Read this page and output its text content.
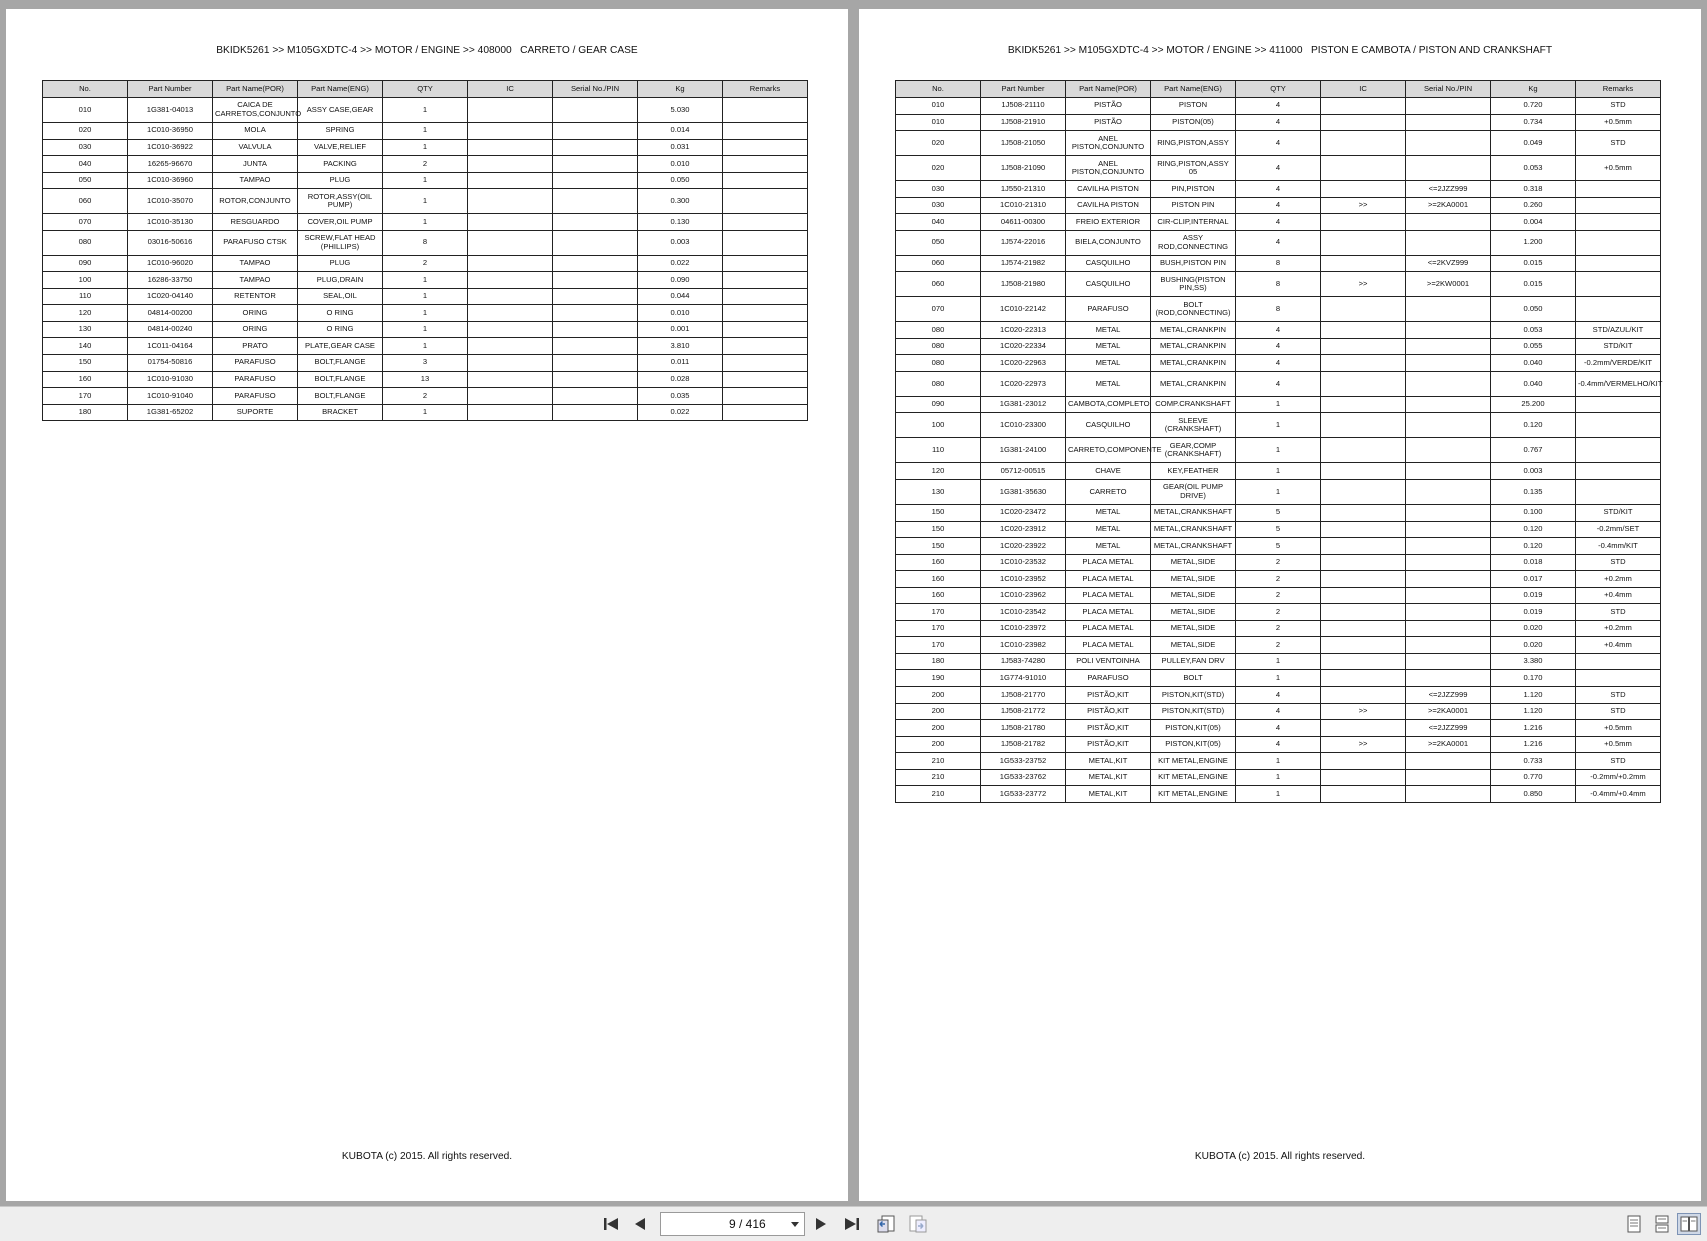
BKIDK5261 >> M105GXDTC-4 >> MOTOR / ENGINE >> 408000   CARRETO / GEAR CASE
No.	Part Number	Part Name(POR)	Part Name(ENG)	QTY	IC	Serial No./PIN	Kg	Remarks
010	1G381-04013	CAICA DE CARRETOS,CONJUNTO	ASSY CASE,GEAR	1			5.030	
020	1C010-36950	MOLA	SPRING	1			0.014	
030	1C010-36922	VALVULA	VALVE,RELIEF	1			0.031	
040	16265-96670	JUNTA	PACKING	2			0.010	
050	1C010-36960	TAMPAO	PLUG	1			0.050	
060	1C010-35070	ROTOR,CONJUNTO	ROTOR,ASSY(OIL PUMP)	1			0.300	
070	1C010-35130	RESGUARDO	COVER,OIL PUMP	1			0.130	
080	03016-50616	PARAFUSO CTSK	SCREW,FLAT HEAD (PHILLIPS)	8			0.003	
090	1C010-96020	TAMPAO	PLUG	2			0.022	
100	16286-33750	TAMPAO	PLUG,DRAIN	1			0.090	
110	1C020-04140	RETENTOR	SEAL,OIL	1			0.044	
120	04814-00200	ORING	O RING	1			0.010	
130	04814-00240	ORING	O RING	1			0.001	
140	1C011-04164	PRATO	PLATE,GEAR CASE	1			3.810	
150	01754-50816	PARAFUSO	BOLT,FLANGE	3			0.011	
160	1C010-91030	PARAFUSO	BOLT,FLANGE	13			0.028	
170	1C010-91040	PARAFUSO	BOLT,FLANGE	2			0.035	
180	1G381-65202	SUPORTE	BRACKET	1			0.022	
KUBOTA (c) 2015. All rights reserved.
BKIDK5261 >> M105GXDTC-4 >> MOTOR / ENGINE >> 411000   PISTON E CAMBOTA / PISTON AND CRANKSHAFT
No.	Part Number	Part Name(POR)	Part Name(ENG)	QTY	IC	Serial No./PIN	Kg	Remarks
010	1J508-21110	PISTÃO	PISTON	4			0.720	STD
010	1J508-21910	PISTÃO	PISTON(05)	4			0.734	+0.5mm
020	1J508-21050	ANEL PISTON,CONJUNTO	RING,PISTON,ASSY	4			0.049	STD
020	1J508-21090	ANEL PISTON,CONJUNTO	RING,PISTON,ASSY 05	4			0.053	+0.5mm
030	1J550-21310	CAVILHA PISTON	PIN,PISTON	4		<=2JZZ999	0.318	
030	1C010-21310	CAVILHA PISTON	PISTON PIN	4	>>	>=2KA0001	0.260	
040	04611-00300	FREIO EXTERIOR	CIR-CLIP,INTERNAL	4			0.004	
050	1J574-22016	BIELA,CONJUNTO	ASSY ROD,CONNECTING	4			1.200	
060	1J574-21982	CASQUILHO	BUSH,PISTON PIN	8		<=2KVZ999	0.015	
060	1J508-21980	CASQUILHO	BUSHING(PISTON PIN,SS)	8	>>	>=2KW0001	0.015	
070	1C010-22142	PARAFUSO	BOLT (ROD,CONNECTING)	8			0.050	
080	1C020-22313	METAL	METAL,CRANKPIN	4			0.053	STD/AZUL/KIT
080	1C020-22334	METAL	METAL,CRANKPIN	4			0.055	STD/KIT
080	1C020-22963	METAL	METAL,CRANKPIN	4			0.040	-0.2mm/VERDE/KIT
080	1C020-22973	METAL	METAL,CRANKPIN	4			0.040	-0.4mm/VERMELHO/KIT
090	1G381-23012	CAMBOTA,COMPLETO	COMP.CRANKSHAFT	1			25.200	
100	1C010-23300	CASQUILHO	SLEEVE (CRANKSHAFT)	1			0.120	
110	1G381-24100	CARRETO,COMPONENTE	GEAR,COMP (CRANKSHAFT)	1			0.767	
120	05712-00515	CHAVE	KEY,FEATHER	1			0.003	
130	1G381-35630	CARRETO	GEAR(OIL PUMP DRIVE)	1			0.135	
150	1C020-23472	METAL	METAL,CRANKSHAFT	5			0.100	STD/KIT
150	1C020-23912	METAL	METAL,CRANKSHAFT	5			0.120	-0.2mm/SET
150	1C020-23922	METAL	METAL,CRANKSHAFT	5			0.120	-0.4mm/KIT
160	1C010-23532	PLACA METAL	METAL,SIDE	2			0.018	STD
160	1C010-23952	PLACA METAL	METAL,SIDE	2			0.017	+0.2mm
160	1C010-23962	PLACA METAL	METAL,SIDE	2			0.019	+0.4mm
170	1C010-23542	PLACA METAL	METAL,SIDE	2			0.019	STD
170	1C010-23972	PLACA METAL	METAL,SIDE	2			0.020	+0.2mm
170	1C010-23982	PLACA METAL	METAL,SIDE	2			0.020	+0.4mm
180	1J583-74280	POLI VENTOINHA	PULLEY,FAN DRV	1			3.380	
190	1G774-91010	PARAFUSO	BOLT	1			0.170	
200	1J508-21770	PISTÃO,KIT	PISTON,KIT(STD)	4		<=2JZZ999	1.120	STD
200	1J508-21772	PISTÃO,KIT	PISTON,KIT(STD)	4	>>	>=2KA0001	1.120	STD
200	1J508-21780	PISTÃO,KIT	PISTON,KIT(05)	4		<=2JZZ999	1.216	+0.5mm
200	1J508-21782	PISTÃO,KIT	PISTON,KIT(05)	4	>>	>=2KA0001	1.216	+0.5mm
210	1G533-23752	METAL,KIT	KIT METAL,ENGINE	1			0.733	STD
210	1G533-23762	METAL,KIT	KIT METAL,ENGINE	1			0.770	-0.2mm/+0.2mm
210	1G533-23772	METAL,KIT	KIT METAL,ENGINE	1			0.850	-0.4mm/+0.4mm
KUBOTA (c) 2015. All rights reserved.
9 / 416
